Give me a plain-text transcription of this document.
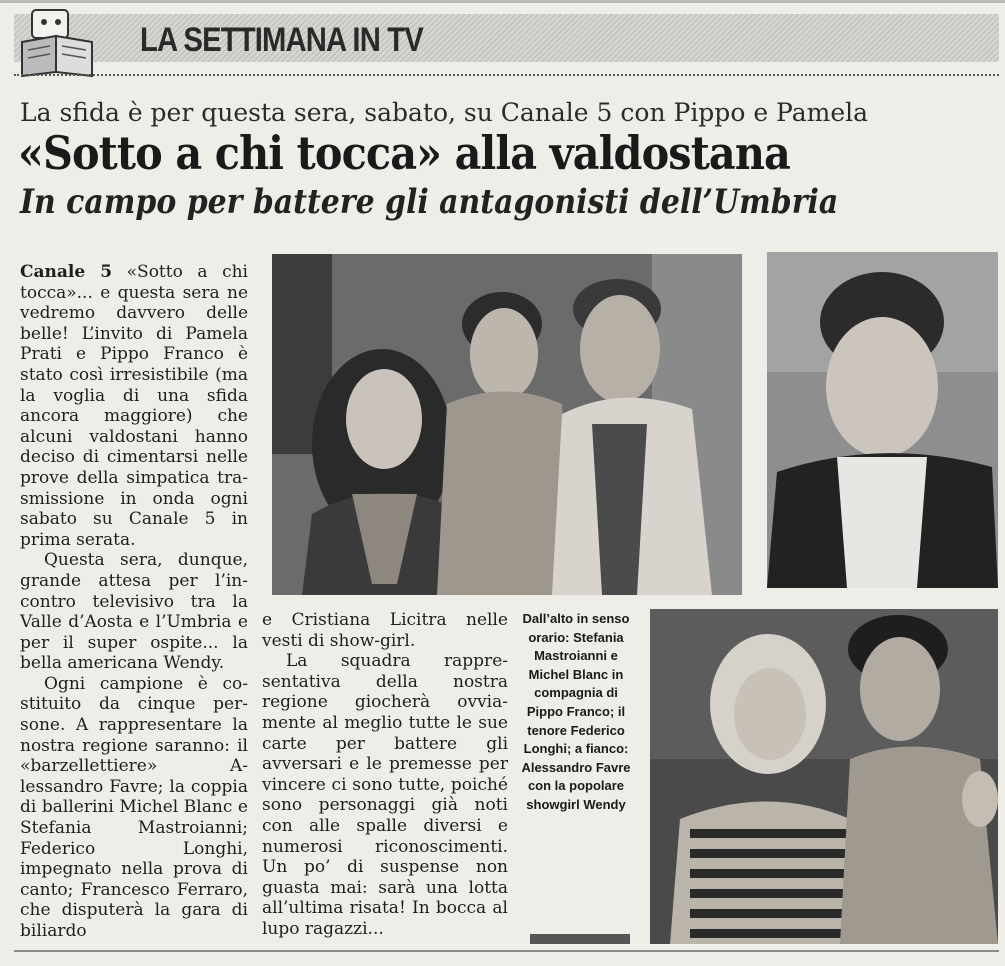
LA SETTIMANA IN TV
La sfida è per questa sera, sabato, su Canale 5 con Pippo e Pamela
«Sotto a chi tocca» alla valdostana
In campo per battere gli antagonisti dell’Umbria

Canale 5 «Sotto a chi tocca»... e questa sera ne vedremo davvero delle belle! L’invito di Pamela Prati e Pippo Franco è stato così irresistibile (ma la voglia di una sfida ancora maggiore) che alcuni valdostani hanno deciso di cimentarsi nelle prove della simpatica trasmissione in onda ogni sabato su Canale 5 in prima serata.

Questa sera, dunque, grande attesa per l’incontro televisivo tra la Valle d’Aosta e l’Umbria e per il super ospite... la bella americana Wendy.

Ogni campione è costituito da cinque persone. A rappresentare la nostra regione saranno: il «barzellettiere» Alessandro Favre; la coppia di ballerini Michel Blanc e Stefania Mastroianni; Federico Longhi, impegnato nella prova di canto; Francesco Ferraro, che disputerà la gara di biliardo

e Cristiana Licitra nelle vesti di show-girl.

La squadra rappresentativa della nostra regione giocherà ovviamente al meglio tutte le sue carte per battere gli avversari e le premesse per vincere ci sono tutte, poiché sono personaggi già noti con alle spalle diversi e numerosi riconoscimenti. Un po’ di suspense non guasta mai: sarà una lotta all’ultima risata! In bocca al lupo ragazzi...

Dall’alto in senso orario: Stefania Mastroianni e Michel Blanc in compagnia di Pippo Franco; il tenore Federico Longhi; a fianco: Alessandro Favre con la popolare showgirl Wendy
